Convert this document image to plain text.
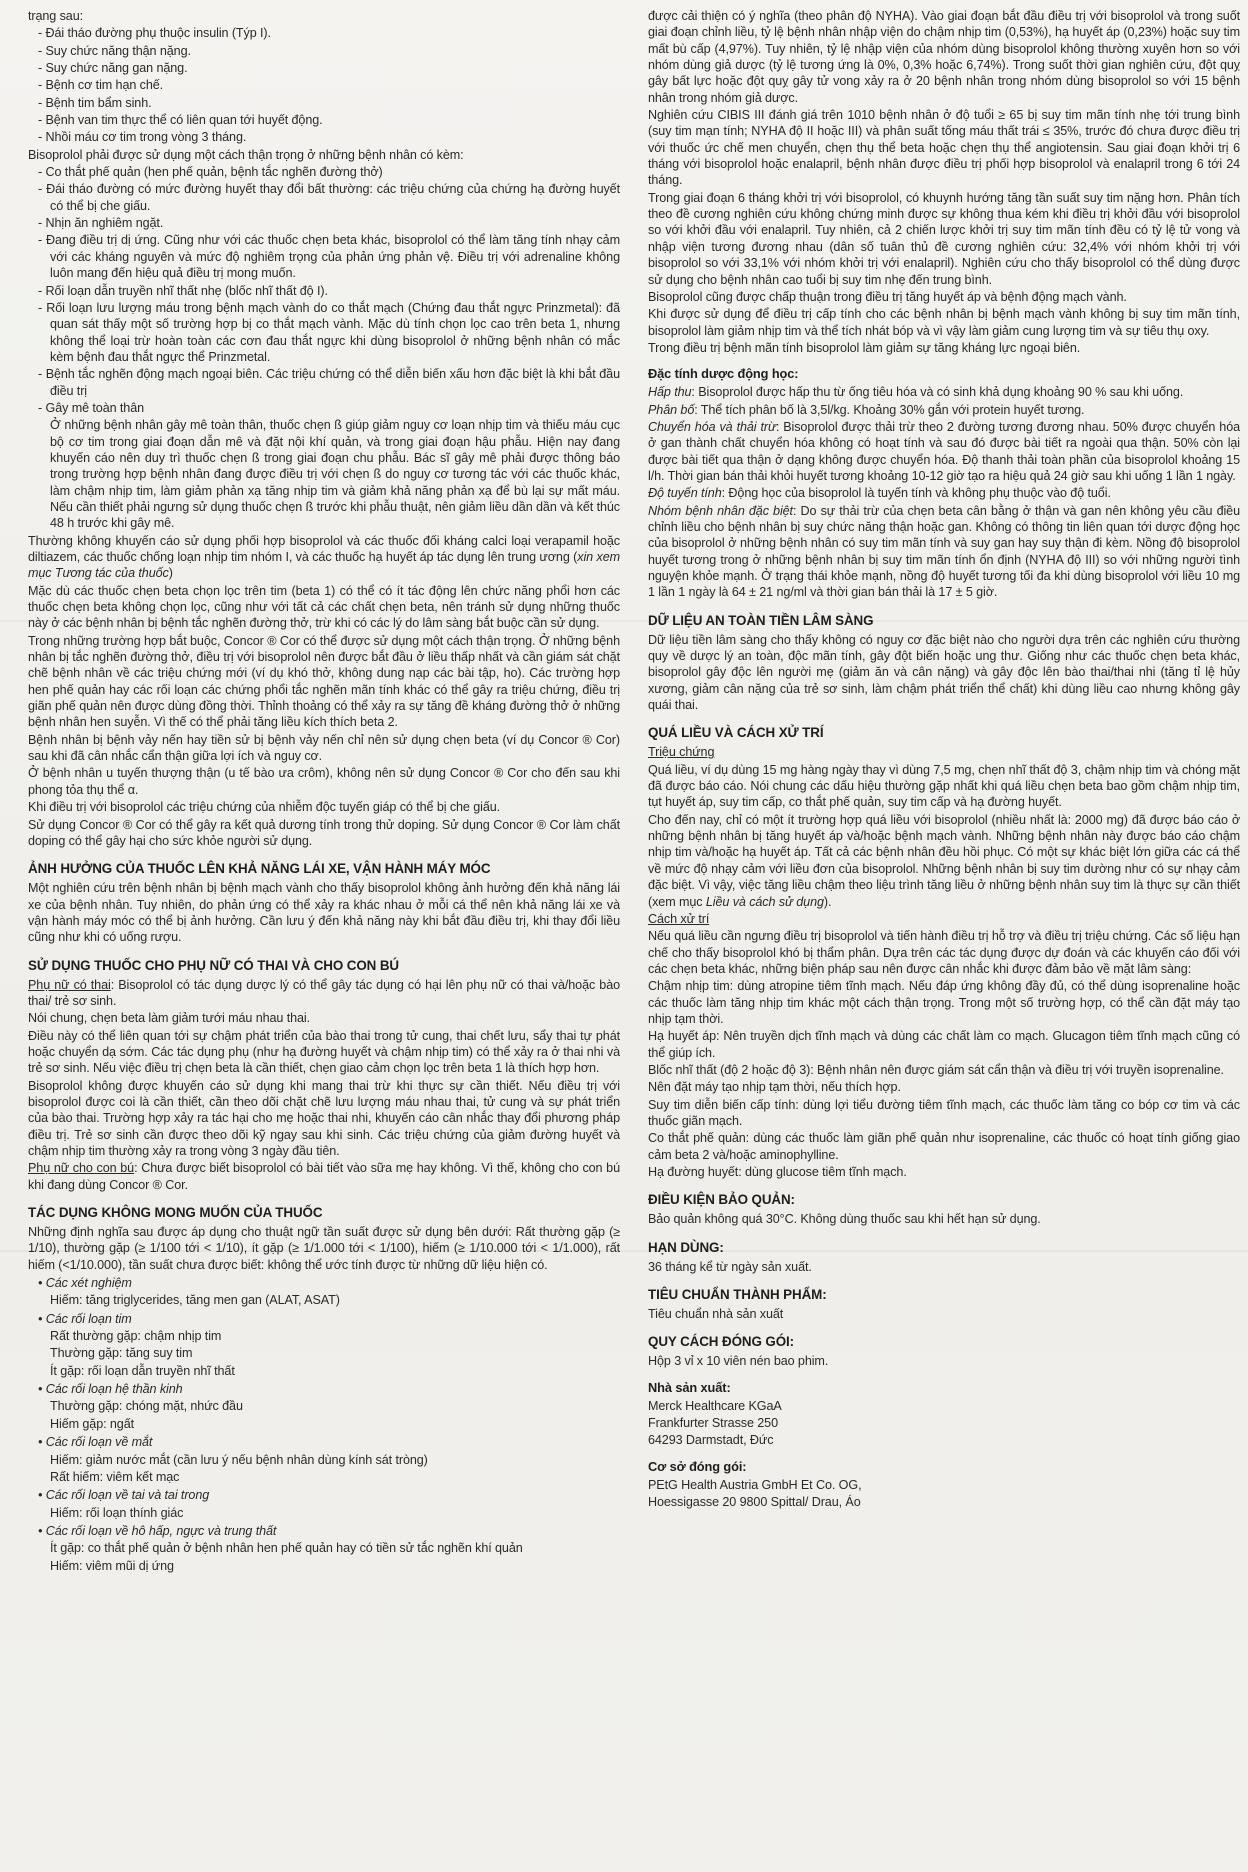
trạng sau:

- Đái tháo đường phụ thuộc insulin (Týp I).

- Suy chức năng thận nặng.

- Suy chức năng gan nặng.

- Bệnh cơ tim hạn chế.

- Bệnh tim bẩm sinh.

- Bệnh van tim thực thể có liên quan tới huyết động.

- Nhồi máu cơ tim trong vòng 3 tháng.

Bisoprolol phải được sử dụng một cách thận trọng ở những bệnh nhân có kèm:

- Co thắt phế quản (hen phế quản, bệnh tắc nghẽn đường thở)

- Đái tháo đường có mức đường huyết thay đổi bất thường: các triệu chứng của chứng hạ đường huyết có thể bị che giấu.

- Nhịn ăn nghiêm ngặt.

- Đang điều trị dị ứng. Cũng như với các thuốc chẹn beta khác, bisoprolol có thể làm tăng tính nhạy cảm với các kháng nguyên và mức độ nghiêm trọng của phản ứng phản vệ. Điều trị với adrenaline không luôn mang đến hiệu quả điều trị mong muốn.

- Rối loạn dẫn truyền nhĩ thất nhẹ (blốc nhĩ thất độ I).

- Rối loạn lưu lượng máu trong bệnh mạch vành do co thắt mạch (Chứng đau thắt ngực Prinzmetal): đã quan sát thấy một số trường hợp bị co thắt mạch vành. Mặc dù tính chọn lọc cao trên beta 1, nhưng không thể loại trừ hoàn toàn các cơn đau thắt ngực khi dùng bisoprolol ở những bệnh nhân có mắc kèm bệnh đau thắt ngực thể Prinzmetal.

- Bệnh tắc nghẽn động mạch ngoại biên. Các triệu chứng có thể diễn biến xấu hơn đặc biệt là khi bắt đầu điều trị

- Gây mê toàn thân

Ở những bệnh nhân gây mê toàn thân, thuốc chẹn ß giúp giảm nguy cơ loạn nhịp tim và thiếu máu cục bộ cơ tim trong giai đoạn dẫn mê và đặt nội khí quản, và trong giai đoạn hậu phẫu. Hiện nay đang khuyến cáo nên duy trì thuốc chẹn ß trong giai đoạn chu phẫu. Bác sĩ gây mê phải được thông báo trong trường hợp bệnh nhân đang được điều trị với chẹn ß do nguy cơ tương tác với các thuốc khác, làm chậm nhịp tim, làm giảm phản xạ tăng nhịp tim và giảm khả năng phản xạ để bù lại sự mất máu. Nếu cần thiết phải ngưng sử dụng thuốc chẹn ß trước khi phẫu thuật, nên giảm liều dần dần và kết thúc 48 h trước khi gây mê.

Thường không khuyến cáo sử dụng phối hợp bisoprolol và các thuốc đối kháng calci loại verapamil hoặc diltiazem, các thuốc chống loạn nhịp tim nhóm I, và các thuốc hạ huyết áp tác dụng lên trung ương (xin xem mục Tương tác của thuốc)

Mặc dù các thuốc chẹn beta chọn lọc trên tim (beta 1) có thể có ít tác động lên chức năng phổi hơn các thuốc chẹn beta không chọn lọc, cũng như với tất cả các chất chẹn beta, nên tránh sử dụng những thuốc này ở các bệnh nhân bị bệnh tắc nghẽn đường thở, trừ khi có các lý do lâm sàng bắt buộc cần sử dụng.

Trong những trường hợp bắt buộc, Concor ® Cor có thể được sử dụng một cách thận trọng. Ở những bệnh nhân bị tắc nghẽn đường thở, điều trị với bisoprolol nên được bắt đầu ở liều thấp nhất và cần giám sát chặt chẽ bệnh nhân về các triệu chứng mới (ví dụ khó thở, không dung nạp các bài tập, ho). Các trường hợp hen phế quản hay các rối loạn các chứng phổi tắc nghẽn mãn tính khác có thể gây ra triệu chứng, điều trị giãn phế quản nên được dùng đồng thời. Thỉnh thoảng có thể xảy ra sự tăng đề kháng đường thở ở những bệnh nhân hen suyễn. Vì thế có thể phải tăng liều kích thích beta 2.

Bệnh nhân bị bệnh vảy nến hay tiền sử bị bệnh vảy nến chỉ nên sử dụng chẹn beta (ví dụ Concor ® Cor) sau khi đã cân nhắc cẩn thận giữa lợi ích và nguy cơ.

Ở bệnh nhân u tuyến thượng thận (u tế bào ưa crôm), không nên sử dụng Concor ® Cor cho đến sau khi phong tỏa thụ thể α.

Khi điều trị với bisoprolol các triệu chứng của nhiễm độc tuyến giáp có thể bị che giấu.

Sử dụng Concor ® Cor có thể gây ra kết quả dương tính trong thử doping. Sử dụng Concor ® Cor làm chất doping có thể gây hại cho sức khỏe người sử dụng.

ẢNH HƯỞNG CỦA THUỐC LÊN KHẢ NĂNG LÁI XE, VẬN HÀNH MÁY MÓC

Một nghiên cứu trên bệnh nhân bị bệnh mạch vành cho thấy bisoprolol không ảnh hưởng đến khả năng lái xe của bệnh nhân. Tuy nhiên, do phản ứng có thể xảy ra khác nhau ở mỗi cá thể nên khả năng lái xe và vận hành máy móc có thể bị ảnh hưởng. Cần lưu ý đến khả năng này khi bắt đầu điều trị, khi thay đổi liều cũng như khi có uống rượu.

SỬ DỤNG THUỐC CHO PHỤ NỮ CÓ THAI VÀ CHO CON BÚ

Phụ nữ có thai: Bisoprolol có tác dụng dược lý có thể gây tác dụng có hại lên phụ nữ có thai và/hoặc bào thai/ trẻ sơ sinh.

Nói chung, chẹn beta làm giảm tưới máu nhau thai.

Điều này có thể liên quan tới sự chậm phát triển của bào thai trong tử cung, thai chết lưu, sẩy thai tự phát hoặc chuyển dạ sớm. Các tác dụng phụ (như hạ đường huyết và chậm nhịp tim) có thể xảy ra ở thai nhi và trẻ sơ sinh. Nếu việc điều trị chẹn beta là cần thiết, chẹn giao cảm chọn lọc trên beta 1 là thích hợp hơn.

Bisoprolol không được khuyến cáo sử dụng khi mang thai trừ khi thực sự cần thiết. Nếu điều trị với bisoprolol được coi là cần thiết, cần theo dõi chặt chẽ lưu lượng máu nhau thai, tử cung và sự phát triển của bào thai. Trường hợp xảy ra tác hại cho mẹ hoặc thai nhi, khuyến cáo cân nhắc thay đổi phương pháp điều trị. Trẻ sơ sinh cần được theo dõi kỹ ngay sau khi sinh. Các triệu chứng của giảm đường huyết và chậm nhịp tim thường xảy ra trong vòng 3 ngày đầu tiên.

Phụ nữ cho con bú: Chưa được biết bisoprolol có bài tiết vào sữa mẹ hay không. Vì thế, không cho con bú khi đang dùng Concor ® Cor.

TÁC DỤNG KHÔNG MONG MUỐN CỦA THUỐC

Những định nghĩa sau được áp dụng cho thuật ngữ tần suất được sử dụng bên dưới: Rất thường gặp (≥ 1/10), thường gặp (≥ 1/100 tới < 1/10), ít gặp (≥ 1/1.000 tới < 1/100), hiếm (≥ 1/10.000 tới < 1/1.000), rất hiếm (<1/10.000), tần suất chưa được biết: không thể ước tính được từ những dữ liệu hiện có.

• Các xét nghiệm

Hiếm: tăng triglycerides, tăng men gan (ALAT, ASAT)

• Các rối loạn tim

Rất thường gặp: chậm nhịp tim

Thường gặp: tăng suy tim

Ít gặp: rối loạn dẫn truyền nhĩ thất

• Các rối loạn hệ thần kinh

Thường gặp: chóng mặt, nhức đầu

Hiếm gặp: ngất

• Các rối loạn về mắt

Hiếm: giảm nước mắt (cần lưu ý nếu bệnh nhân dùng kính sát tròng)

Rất hiếm: viêm kết mạc

• Các rối loạn về tai và tai trong

Hiếm: rối loạn thính giác

• Các rối loạn về hô hấp, ngực và trung thất

Ít gặp: co thắt phế quản ở bệnh nhân hen phế quản hay có tiền sử tắc nghẽn khí quản

Hiếm: viêm mũi dị ứng

được cải thiện có ý nghĩa (theo phân độ NYHA). Vào giai đoạn bắt đầu điều trị với bisoprolol và trong suốt giai đoạn chỉnh liều, tỷ lệ bệnh nhân nhập viện do chậm nhịp tim (0,53%), hạ huyết áp (0,23%) hoặc suy tim mất bù cấp (4,97%). Tuy nhiên, tỷ lệ nhập viện của nhóm dùng bisoprolol không thường xuyên hơn so với nhóm dùng giả dược (tỷ lệ tương ứng là 0%, 0,3% hoặc 6,74%). Trong suốt thời gian nghiên cứu, đột quỵ gây bất lực hoặc đột quỵ gây tử vong xảy ra ở 20 bệnh nhân trong nhóm dùng bisoprolol so với 15 bệnh nhân trong nhóm giả dược.

Nghiên cứu CIBIS III đánh giá trên 1010 bệnh nhân ở độ tuổi ≥ 65 bị suy tim mãn tính nhẹ tới trung bình (suy tim mạn tính; NYHA độ II hoặc III) và phân suất tống máu thất trái ≤ 35%, trước đó chưa được điều trị với thuốc ức chế men chuyển, chẹn thụ thể beta hoặc chẹn thụ thể angiotensin. Sau giai đoạn khởi trị 6 tháng với bisoprolol hoặc enalapril, bệnh nhân được điều trị phối hợp bisoprolol và enalapril trong 6 tới 24 tháng.

Trong giai đoạn 6 tháng khởi trị với bisoprolol, có khuynh hướng tăng tần suất suy tim nặng hơn. Phân tích theo đề cương nghiên cứu không chứng minh được sự không thua kém khi điều trị khởi đầu với bisoprolol so với khởi đầu với enalapril. Tuy nhiên, cả 2 chiến lược khởi trị suy tim mãn tính đều có tỷ lệ tử vong và nhập viện tương đương nhau (dân số tuân thủ đề cương nghiên cứu: 32,4% với nhóm khởi trị với bisoprolol so với 33,1% với nhóm khởi trị với enalapril). Nghiên cứu cho thấy bisoprolol có thể dùng được sử dụng cho bệnh nhân cao tuổi bị suy tim nhẹ đến trung bình.

Bisoprolol cũng được chấp thuận trong điều trị tăng huyết áp và bệnh động mạch vành.

Khi được sử dụng để điều trị cấp tính cho các bệnh nhân bị bệnh mạch vành không bị suy tim mãn tính, bisoprolol làm giảm nhịp tim và thể tích nhát bóp và vì vậy làm giảm cung lượng tim và sự tiêu thụ oxy.

Trong điều trị bệnh mãn tính bisoprolol làm giảm sự tăng kháng lực ngoại biên.

Đặc tính dược động học:

Hấp thu: Bisoprolol được hấp thu từ ống tiêu hóa và có sinh khả dụng khoảng 90 % sau khi uống.

Phân bố: Thể tích phân bố là 3,5l/kg. Khoảng 30% gắn với protein huyết tương.

Chuyển hóa và thải trừ: Bisoprolol được thải trừ theo 2 đường tương đương nhau. 50% được chuyển hóa ở gan thành chất chuyển hóa không có hoạt tính và sau đó được bài tiết ra ngoài qua thận. 50% còn lại được bài tiết qua thận ở dạng không được chuyển hóa. Độ thanh thải toàn phần của bisoprolol khoảng 15 l/h. Thời gian bán thải khỏi huyết tương khoảng 10-12 giờ tạo ra hiệu quả 24 giờ sau khi uống 1 lần 1 ngày.

Độ tuyến tính: Động học của bisoprolol là tuyến tính và không phụ thuộc vào độ tuổi.

Nhóm bệnh nhân đặc biệt: Do sự thải trừ của chẹn beta cân bằng ở thận và gan nên không yêu cầu điều chỉnh liều cho bệnh nhân bị suy chức năng thận hoặc gan. Không có thông tin liên quan tới dược động học của bisoprolol ở những bệnh nhân có suy tim mãn tính và suy gan hay suy thận đi kèm. Nồng độ bisoprolol huyết tương trong ở những bệnh nhân bị suy tim mãn tính ổn định (NYHA độ III) so với những người tình nguyện khỏe mạnh. Ở trạng thái khỏe mạnh, nồng độ huyết tương tối đa khi dùng bisoprolol với liều 10 mg 1 lần 1 ngày là 64 ± 21 ng/ml và thời gian bán thải là 17 ± 5 giờ.

DỮ LIỆU AN TOÀN TIỀN LÂM SÀNG

Dữ liệu tiền lâm sàng cho thấy không có nguy cơ đặc biệt nào cho người dựa trên các nghiên cứu thường quy về dược lý an toàn, độc mãn tính, gây đột biến hoặc ung thư. Giống như các thuốc chẹn beta khác, bisoprolol gây độc lên người mẹ (giảm ăn và cân nặng) và gây độc lên bào thai/thai nhi (tăng tỉ lệ hủy xương, giảm cân nặng của trẻ sơ sinh, làm chậm phát triển thể chất) khi dùng liều cao nhưng không gây quái thai.

QUÁ LIỀU VÀ CÁCH XỬ TRÍ

Triệu chứng

Quá liều, ví dụ dùng 15 mg hàng ngày thay vì dùng 7,5 mg, chẹn nhĩ thất độ 3, chậm nhịp tim và chóng mặt đã được báo cáo. Nói chung các dấu hiệu thường gặp nhất khi quá liều chẹn beta bao gồm chậm nhịp tim, tụt huyết áp, suy tim cấp, co thắt phế quản, suy tim cấp và hạ đường huyết.

Cho đến nay, chỉ có một ít trường hợp quá liều với bisoprolol (nhiều nhất là: 2000 mg) đã được báo cáo ở những bệnh nhân bị tăng huyết áp và/hoặc bệnh mạch vành. Những bệnh nhân này được báo cáo chậm nhịp tim và/hoặc hạ huyết áp. Tất cả các bệnh nhân đều hồi phục. Có một sự khác biệt lớn giữa các cá thể về mức độ nhạy cảm với liều đơn của bisoprolol. Những bệnh nhân bị suy tim dường như có sự nhạy cảm đặc biệt. Vì vậy, việc tăng liều chậm theo liệu trình tăng liều ở những bệnh nhân suy tim là thực sự cần thiết (xem mục Liều và cách sử dụng).

Cách xử trí

Nếu quá liều cần ngưng điều trị bisoprolol và tiến hành điều trị hỗ trợ và điều trị triệu chứng. Các số liệu hạn chế cho thấy bisoprolol khó bị thẩm phân. Dựa trên các tác dụng được dự đoán và các khuyến cáo đối với các chẹn beta khác, những biện pháp sau nên được cân nhắc khi được đảm bảo về mặt lâm sàng:

Chậm nhịp tim: dùng atropine tiêm tĩnh mạch. Nếu đáp ứng không đầy đủ, có thể dùng isoprenaline hoặc các thuốc làm tăng nhịp tim khác một cách thận trọng. Trong một số trường hợp, có thể cần đặt máy tạo nhịp tạm thời.

Hạ huyết áp: Nên truyền dịch tĩnh mạch và dùng các chất làm co mạch. Glucagon tiêm tĩnh mạch cũng có thể giúp ích.

Blốc nhĩ thất (độ 2 hoặc độ 3): Bệnh nhân nên được giám sát cẩn thận và điều trị với truyền isoprenaline.

Nên đặt máy tạo nhịp tạm thời, nếu thích hợp.

Suy tim diễn biến cấp tính: dùng lợi tiểu đường tiêm tĩnh mạch, các thuốc làm tăng co bóp cơ tim và các thuốc giãn mạch.

Co thắt phế quản: dùng các thuốc làm giãn phế quản như isoprenaline, các thuốc có hoạt tính giống giao cảm beta 2 và/hoặc aminophylline.

Hạ đường huyết: dùng glucose tiêm tĩnh mạch.

ĐIỀU KIỆN BẢO QUẢN:

Bảo quản không quá 30°C. Không dùng thuốc sau khi hết hạn sử dụng.

HẠN DÙNG:

36 tháng kể từ ngày sản xuất.

TIÊU CHUẨN THÀNH PHẨM:

Tiêu chuẩn nhà sản xuất

QUY CÁCH ĐÓNG GÓI:

Hộp 3 vỉ x 10 viên nén bao phim.

Nhà sản xuất:

Merck Healthcare KGaA

Frankfurter Strasse 250

64293 Darmstadt, Đức

Cơ sở đóng gói:

PEtG Health Austria GmbH Et Co. OG,

Hoessigasse 20 9800 Spittal/ Drau, Áo
